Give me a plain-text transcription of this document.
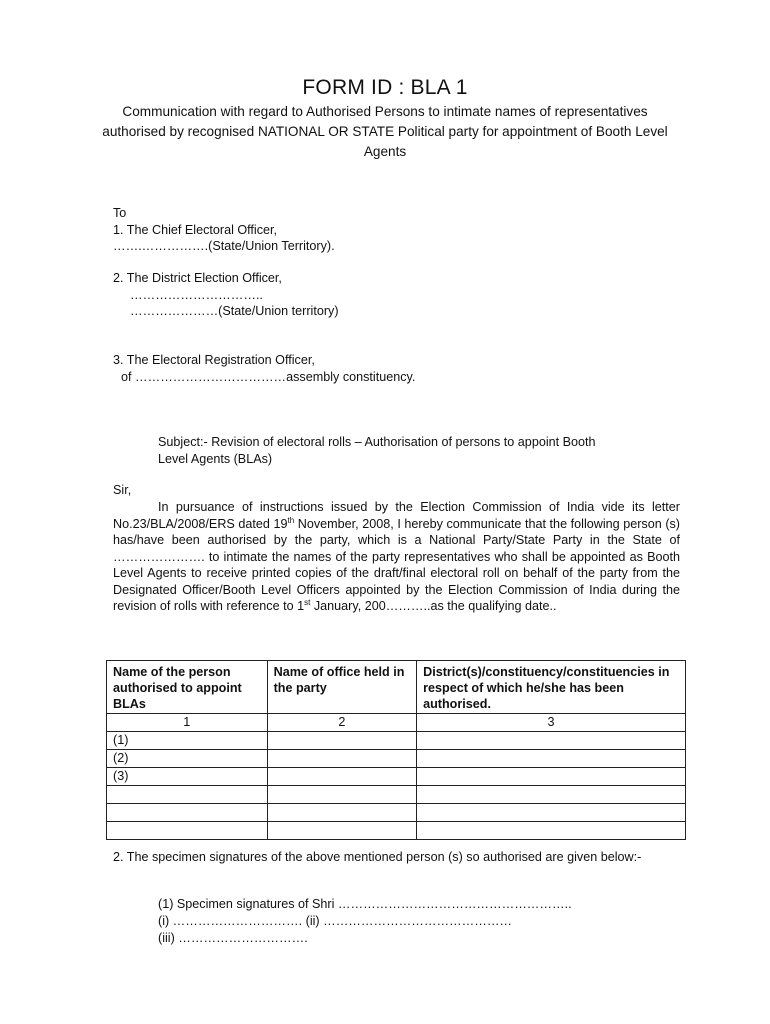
FORM ID : BLA 1
Communication with regard to Authorised Persons to intimate names of representatives authorised by recognised NATIONAL OR STATE Political party for appointment of Booth Level Agents
To
1. The Chief Electoral Officer,
…….…………….(State/Union Territory).
2. The District Election Officer,
…………………………..
…………………(State/Union territory)
3. The Electoral Registration Officer,
of ………………………………assembly constituency.
Subject:- Revision of electoral rolls – Authorisation of persons to appoint Booth
Level Agents (BLAs)
Sir,

In pursuance of instructions issued by the Election Commission of India vide its letter No.23/BLA/2008/ERS dated 19th November, 2008, I hereby communicate that the following person (s) has/have been authorised by the party, which is a National Party/State Party in the State of …………………. to intimate the names of the party representatives who shall be appointed as Booth Level Agents to receive printed copies of the draft/final electoral roll on behalf of the party from the Designated Officer/Booth Level Officers appointed by the Election Commission of India during the revision of rolls with reference to 1st January, 200………..as the qualifying date..

Name of the person authorised to appoint BLAs	Name of office held in the party	District(s)/constituency/constituencies in respect of which he/she has been authorised.
1	2	3
(1)		
(2)		
(3)		

2. The specimen signatures of the above mentioned person (s) so authorised are given below:-
(1) Specimen signatures of Shri ………………………………………………..
(i) …………………………. (ii) ………………………………………
(iii) ………………………….
